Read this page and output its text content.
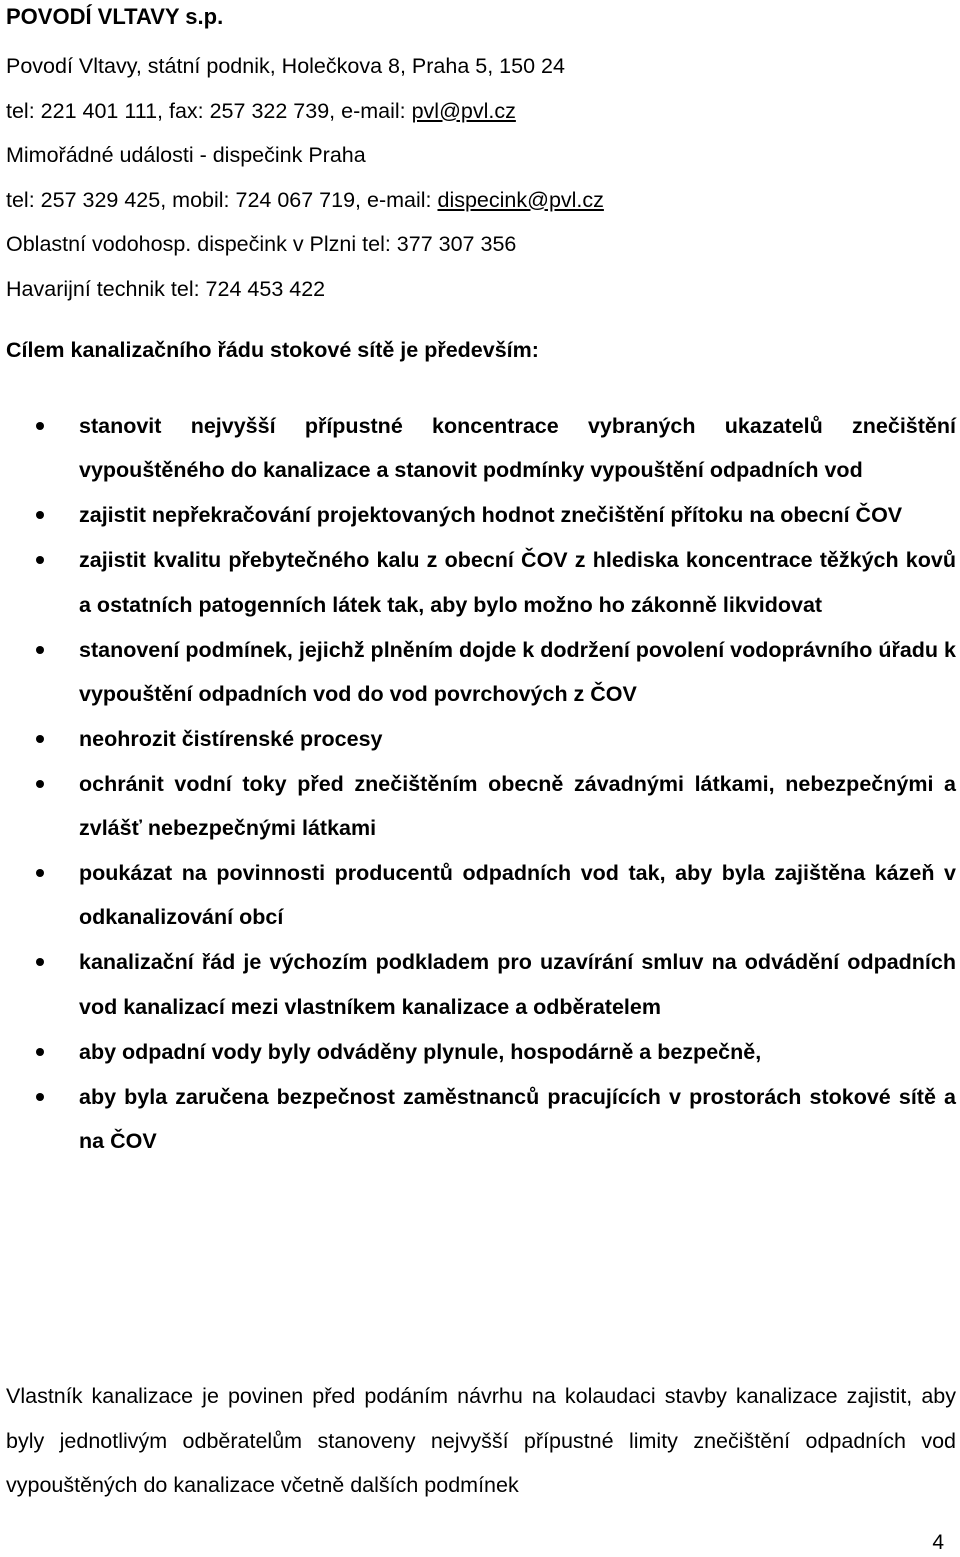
POVODÍ VLTAVY s.p.
Povodí Vltavy, státní podnik, Holečkova 8, Praha 5, 150 24
tel: 221 401 111, fax: 257 322 739, e-mail: pvl@pvl.cz
Mimořádné události - dispečink Praha
tel: 257 329 425, mobil: 724 067 719, e-mail: dispecink@pvl.cz
Oblastní vodohosp. dispečink v Plzni tel: 377 307 356
Havarijní technik tel: 724 453 422
Cílem kanalizačního řádu stokové sítě je především:
stanovit nejvyšší přípustné koncentrace vybraných ukazatelů znečištění vypouštěného do kanalizace a stanovit podmínky vypouštění odpadních vod
zajistit nepřekračování projektovaných hodnot znečištění přítoku na obecní ČOV
zajistit kvalitu přebytečného kalu z obecní ČOV z hlediska koncentrace těžkých kovů a ostatních patogenních látek tak, aby bylo možno ho zákonně likvidovat
stanovení podmínek, jejichž plněním dojde k dodržení povolení vodoprávního úřadu k vypouštění odpadních vod do vod povrchových z ČOV
neohrozit čistírenské procesy
ochránit vodní toky před znečištěním obecně závadnými látkami, nebezpečnými a zvlášť nebezpečnými látkami
poukázat na povinnosti producentů odpadních vod tak, aby byla zajištěna kázeň v odkanalizování obcí
kanalizační řád je výchozím podkladem pro uzavírání smluv na odvádění odpadních vod kanalizací mezi vlastníkem kanalizace a odběratelem
aby odpadní vody byly odváděny plynule, hospodárně a bezpečně,
aby byla zaručena bezpečnost zaměstnanců pracujících v prostorách stokové sítě a na ČOV

Vlastník kanalizace je povinen před podáním návrhu na kolaudaci stavby kanalizace zajistit, aby byly jednotlivým odběratelům stanoveny nejvyšší přípustné limity znečištění odpadních vod vypouštěných do kanalizace včetně dalších podmínek

4
